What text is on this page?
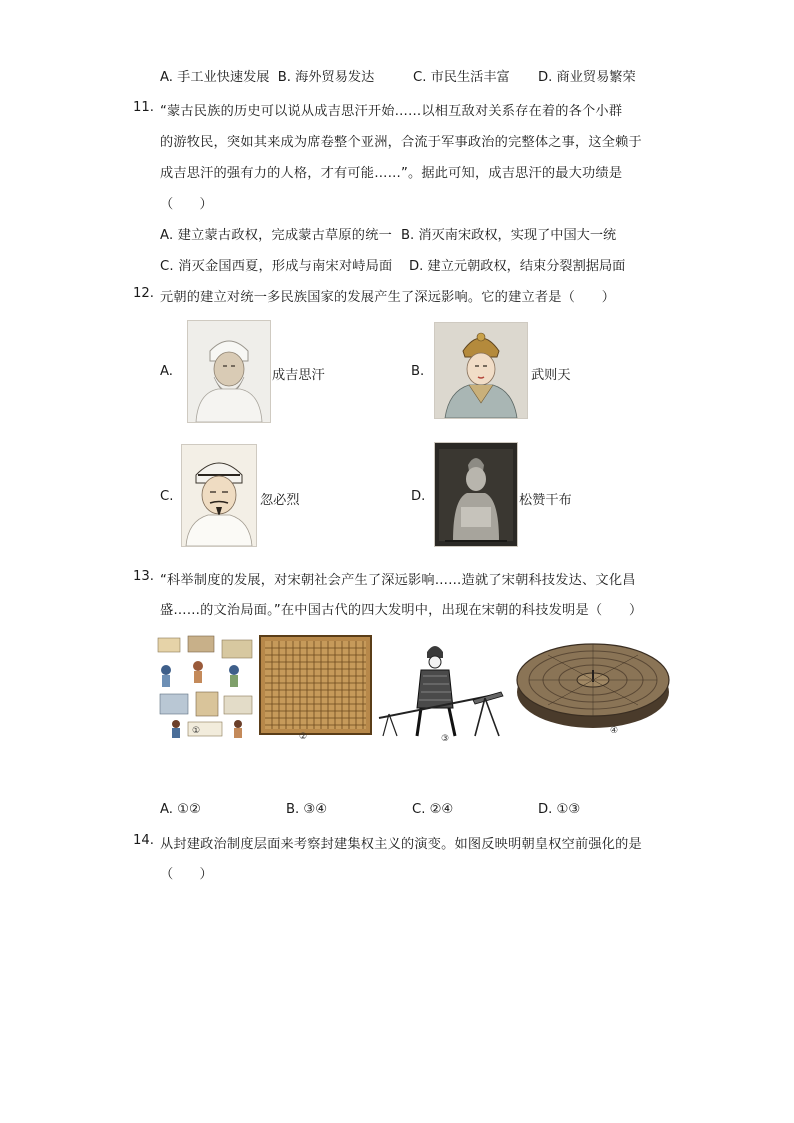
A. 手工业快速发展 B. 海外贸易发达	C. 市民生活丰富 D. 商业贸易繁荣
11. “蒙古民族的历史可以说从成吉思汗开始……以相互敌对关系存在着的各个小群
的游牧民，突如其来成为席卷整个亚洲，合流于军事政治的完整体之事，这全赖于
成吉思汗的强有力的人格，才有可能……”。据此可知，成吉思汗的最大功绩是
（　　）
A. 建立蒙古政权，完成蒙古草原的统一 B. 消灭南宋政权，实现了中国大一统
C. 消灭金国西夏，形成与南宋对峙局面 D. 建立元朝政权，结束分裂割据局面
12. 元朝的建立对统一多民族国家的发展产生了深远影响。它的建立者是（　　）
A.	成吉思汗	B.	武则天
C.	忽必烈	D.	松赞干布
13. “科举制度的发展，对宋朝社会产生了深远影响……造就了宋朝科技发达、文化昌
盛……的文治局面。”在中国古代的四大发明中，出现在宋朝的科技发明是（　　）
①
②	③
④
A. ①②	B. ③④	C. ②④	D. ①③
14. 从封建政治制度层面来考察封建集权主义的演变。如图反映明朝皇权空前强化的是
（　　）
